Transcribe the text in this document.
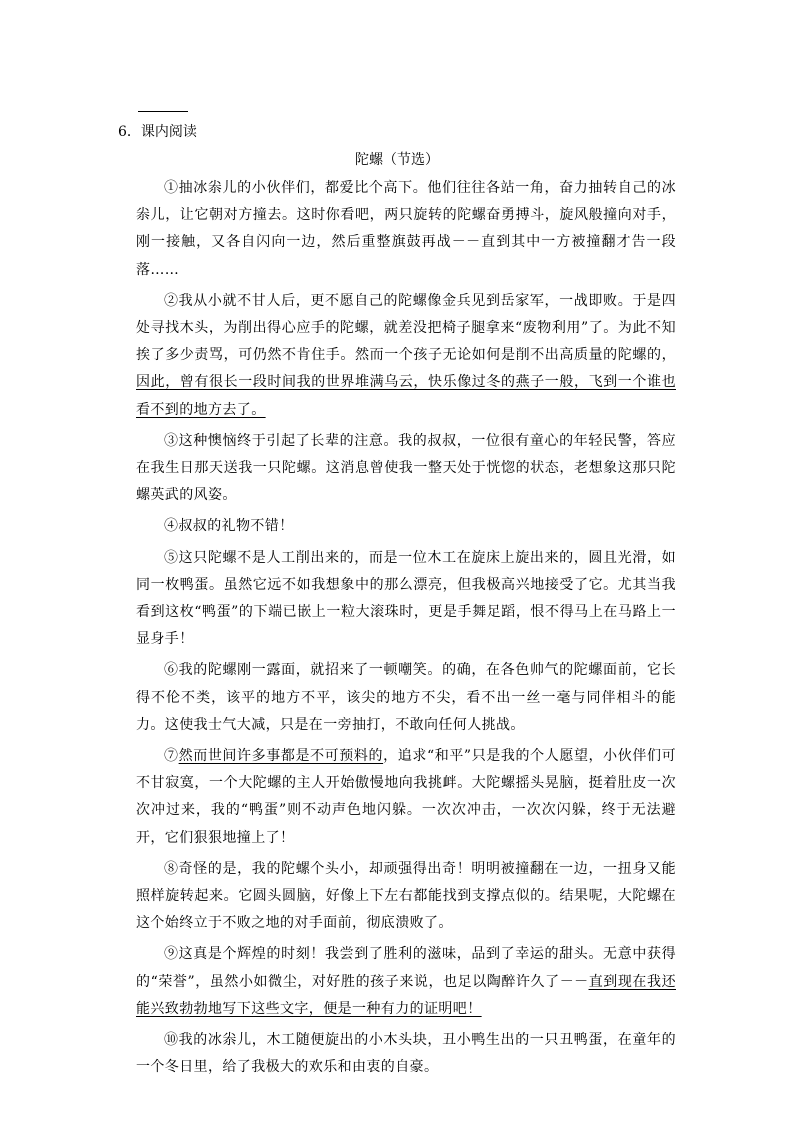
6．课内阅读
陀螺（节选）

①抽冰尜儿的小伙伴们，都爱比个高下。他们往往各站一角，奋力抽转自己的冰尜儿，让它朝对方撞去。这时你看吧，两只旋转的陀螺奋勇搏斗，旋风般撞向对手，刚一接触，又各自闪向一边，然后重整旗鼓再战－－直到其中一方被撞翻才告一段落……

②我从小就不甘人后，更不愿自己的陀螺像金兵见到岳家军，一战即败。于是四处寻找木头，为削出得心应手的陀螺，就差没把椅子腿拿来“废物利用”了。为此不知挨了多少责骂，可仍然不肯住手。然而一个孩子无论如何是削不出高质量的陀螺的，因此，曾有很长一段时间我的世界堆满乌云，快乐像过冬的燕子一般，飞到一个谁也看不到的地方去了。

③这种懊恼终于引起了长辈的注意。我的叔叔，一位很有童心的年轻民警，答应在我生日那天送我一只陀螺。这消息曾使我一整天处于恍惚的状态，老想象这那只陀螺英武的风姿。

④叔叔的礼物不错！

⑤这只陀螺不是人工削出来的，而是一位木工在旋床上旋出来的，圆且光滑，如同一枚鸭蛋。虽然它远不如我想象中的那么漂亮，但我极高兴地接受了它。尤其当我看到这枚“鸭蛋”的下端已嵌上一粒大滚珠时，更是手舞足蹈，恨不得马上在马路上一显身手！

⑥我的陀螺刚一露面，就招来了一顿嘲笑。的确，在各色帅气的陀螺面前，它长得不伦不类，该平的地方不平，该尖的地方不尖，看不出一丝一毫与同伴相斗的能力。这使我士气大减，只是在一旁抽打，不敢向任何人挑战。

⑦然而世间许多事都是不可预料的，追求“和平”只是我的个人愿望，小伙伴们可不甘寂寞，一个大陀螺的主人开始傲慢地向我挑衅。大陀螺摇头晃脑，挺着肚皮一次次冲过来，我的“鸭蛋”则不动声色地闪躲。一次次冲击，一次次闪躲，终于无法避开，它们狠狠地撞上了！

⑧奇怪的是，我的陀螺个头小，却顽强得出奇！明明被撞翻在一边，一扭身又能照样旋转起来。它圆头圆脑，好像上下左右都能找到支撑点似的。结果呢，大陀螺在这个始终立于不败之地的对手面前，彻底溃败了。

⑨这真是个辉煌的时刻！我尝到了胜利的滋味，品到了幸运的甜头。无意中获得的“荣誉”，虽然小如微尘，对好胜的孩子来说，也足以陶醉许久了－－直到现在我还能兴致勃勃地写下这些文字，便是一种有力的证明吧！

⑩我的冰尜儿，木工随便旋出的小木头块，丑小鸭生出的一只丑鸭蛋，在童年的一个冬日里，给了我极大的欢乐和由衷的自豪。
